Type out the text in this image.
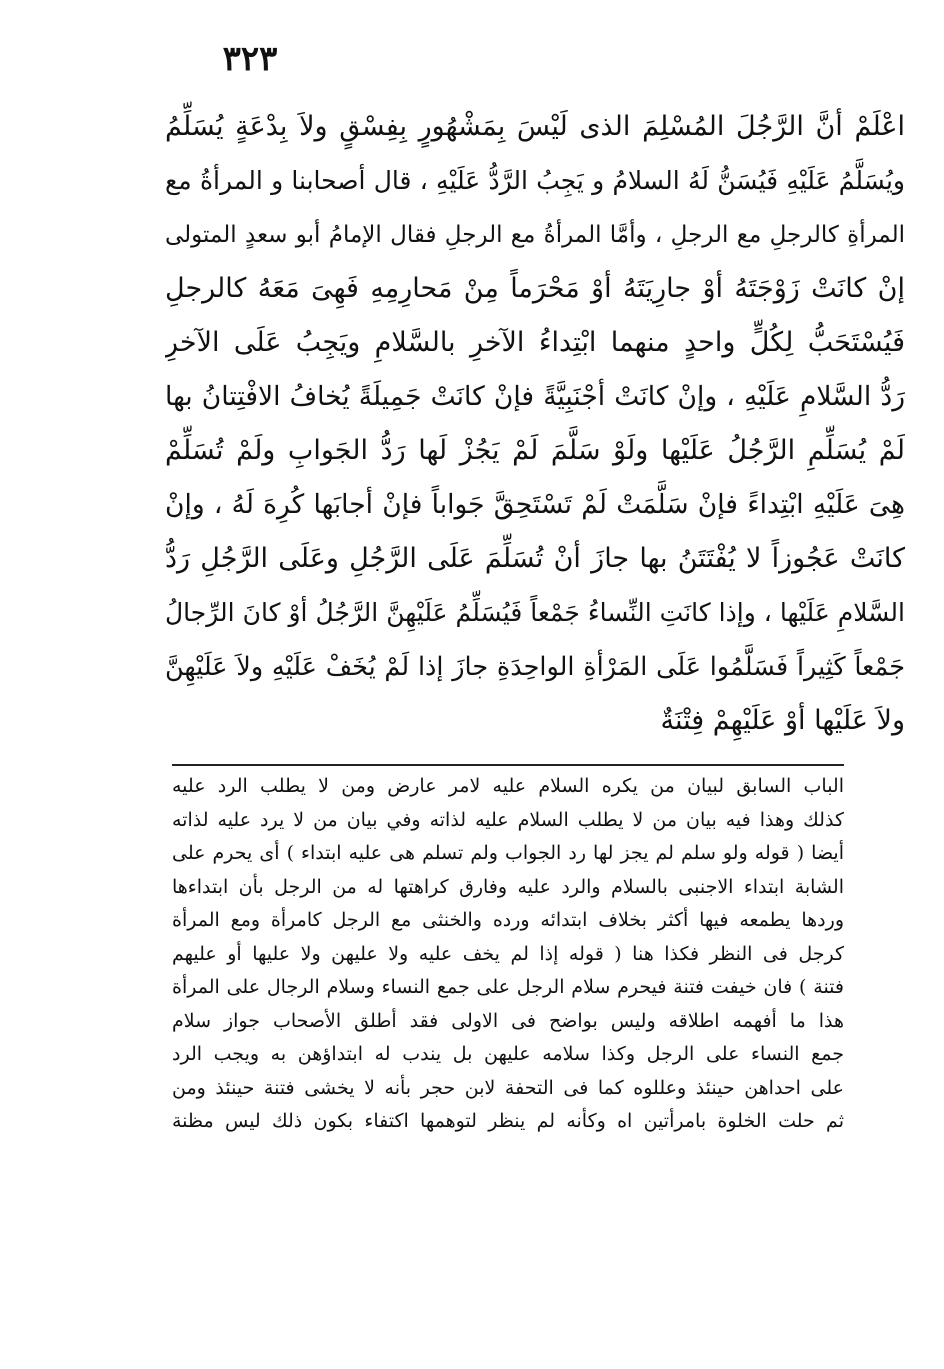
٣٢٣
اعْلَمْ أنَّ الرَّجُلَ المُسْلِمَ الذى لَيْسَ بِمَشْهُورٍ بِفِسْقٍ ولاَ بِدْعَةٍ يُسَلِّمُ
ويُسَلَّمُ عَلَيْهِ فَيُسَنُّ لَهُ السلامُ و يَجِبُ الرَّدُّ عَلَيْهِ ، قال أصحابنا و المرأةُ مع
المرأةِ كالرجلِ مع الرجلِ ، وأمَّا المرأةُ مع الرجلِ فقال الإمامُ أبو سعدٍ المتولى
إنْ كانَتْ زَوْجَتَهُ أوْ جارِيَتَهُ أوْ مَحْرَماً مِنْ مَحارِمِهِ فَهِىَ مَعَهُ كالرجلِ
فَيُسْتَحَبُّ لِكُلٍّ واحدٍ منهما ابْتِداءُ الآخرِ بالسَّلامِ ويَجِبُ عَلَى الآخرِ
رَدُّ السَّلامِ عَلَيْهِ ، وإنْ كانَتْ أجْنَبِيَّةً فإنْ كانَتْ جَمِيلَةً يُخافُ الافْتِتانُ بها
لَمْ يُسَلِّمِ الرَّجُلُ عَلَيْها ولَوْ سَلَّمَ لَمْ يَجُزْ لَها رَدُّ الجَوابِ ولَمْ تُسَلِّمْ
هِىَ عَلَيْهِ ابْتِداءً فإنْ سَلَّمَتْ لَمْ تَسْتَحِقَّ جَواباً فإنْ أجابَها كُرِهَ لَهُ ، وإنْ
كانَتْ عَجُوزاً لا يُفْتَتَنُ بها جازَ أنْ تُسَلِّمَ عَلَى الرَّجُلِ وعَلَى الرَّجُلِ رَدُّ
السَّلامِ عَلَيْها ، وإذا كانَتِ النِّساءُ جَمْعاً فَيُسَلِّمُ عَلَيْهِنَّ الرَّجُلُ أوْ كانَ الرِّجالُ
جَمْعاً كَثِيراً فَسَلَّمُوا عَلَى المَرْأةِ الواحِدَةِ جازَ إذا لَمْ يُخَفْ عَلَيْهِ ولاَ عَلَيْهِنَّ
ولاَ عَلَيْها أوْ عَلَيْهِمْ فِتْنَةٌ
الباب السابق لبيان من يكره السلام عليه لامر عارض ومن لا يطلب الرد عليه
كذلك وهذا فيه بيان من لا يطلب السلام عليه لذاته وفي بيان من لا يرد عليه لذاته
أيضا ( قوله ولو سلم لم يجز لها رد الجواب ولم تسلم هى عليه ابتداء ) أى يحرم على
الشابة ابتداء الاجنبى بالسلام والرد عليه وفارق كراهتها له من الرجل بأن ابتداءها
وردها يطمعه فيها أكثر بخلاف ابتدائه ورده والخنثى مع الرجل كامرأة ومع المرأة
كرجل فى النظر فكذا هنا ( قوله إذا لم يخف عليه ولا عليهن ولا عليها أو عليهم
فتنة ) فان خيفت فتنة فيحرم سلام الرجل على جمع النساء وسلام الرجال على المرأة
هذا ما أفهمه اطلاقه وليس بواضح فى الاولى فقد أطلق الأصحاب جواز سلام
جمع النساء على الرجل وكذا سلامه عليهن بل يندب له ابتداؤهن به ويجب الرد
على احداهن حينئذ وعللوه كما فى التحفة لابن حجر بأنه لا يخشى فتنة حينئذ ومن
ثم حلت الخلوة بامرأتين اه وكأنه لم ينظر لتوهمها اكتفاء بكون ذلك ليس مظنة
